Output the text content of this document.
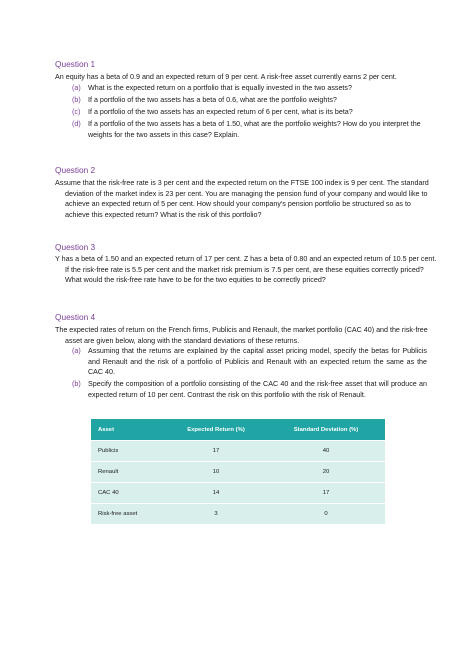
Question 1

An equity has a beta of 0.9 and an expected return of 9 per cent. A risk-free asset currently earns 2 per cent.

(a) What is the expected return on a portfolio that is equally invested in the two assets?
(b) If a portfolio of the two assets has a beta of 0.6, what are the portfolio weights?
(c) If a portfolio of the two assets has an expected return of 6 per cent, what is its beta?
(d) If a portfolio of the two assets has a beta of 1.50, what are the portfolio weights? How do you interpret the weights for the two assets in this case? Explain.
Question 2

Assume that the risk-free rate is 3 per cent and the expected return on the FTSE 100 index is 9 per cent. The standard deviation of the market index is 23 per cent. You are managing the pension fund of your company and would like to achieve an expected return of 5 per cent. How should your company's pension portfolio be structured so as to achieve this expected return? What is the risk of this portfolio?

Question 3

Y has a beta of 1.50 and an expected return of 17 per cent. Z has a beta of 0.80 and an expected return of 10.5 per cent. If the risk-free rate is 5.5 per cent and the market risk premium is 7.5 per cent, are these equities correctly priced? What would the risk-free rate have to be for the two equities to be correctly priced?

Question 4

The expected rates of return on the French firms, Publicis and Renault, the market portfolio (CAC 40) and the risk-free asset are given below, along with the standard deviations of these returns.

(a) Assuming that the returns are explained by the capital asset pricing model, specify the betas for Publicis and Renault and the risk of a portfolio of Publicis and Renault with an expected return the same as the CAC 40.
(b) Specify the composition of a portfolio consisting of the CAC 40 and the risk-free asset that will produce an expected return of 10 per cent. Contrast the risk on this portfolio with the risk of Renault.
Asset	Expected Return (%)	Standard Deviation (%)
Publicis	17	40
Renault	10	20
CAC 40	14	17
Risk-free asset	3	0
